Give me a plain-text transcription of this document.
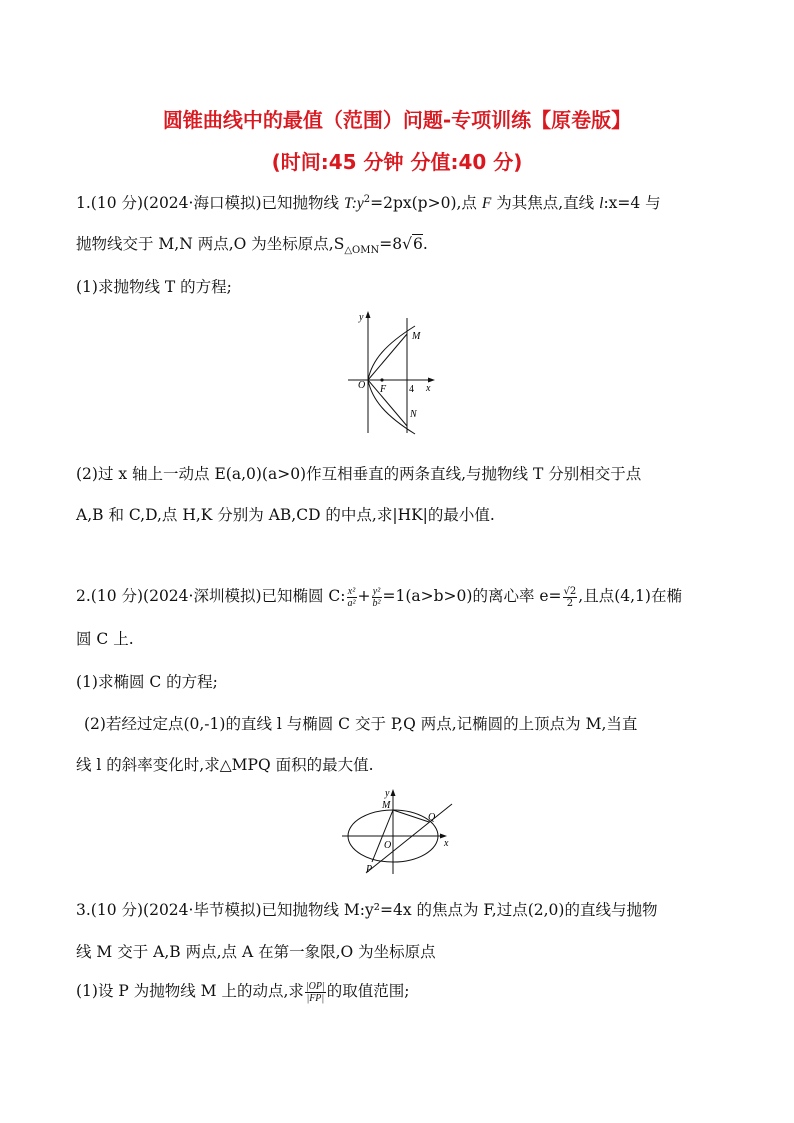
圆锥曲线中的最值（范围）问题-专项训练【原卷版】
(时间:45 分钟 分值:40 分)
1.(10 分)(2024·海口模拟)已知抛物线 $T:y^2=2px(p>0)$,点 F 为其焦点,直线 l:x=4 与
抛物线交于 M,N 两点,O 为坐标原点$,S_{\triangle OMN}=8√6$.
(1)求抛物线 T 的方程;
y
x
O F 4
M
N
(2)过 x 轴上一动点 E(a,0)(a>0)作互相垂直的两条直线,与抛物线 T 分别相交于点
A,B 和 C,D,点 H,K 分别为 AB,CD 的中点,求|HK|的最小值.
2.(10 分)(2024·深圳模拟)已知椭圆 C: $\frac{\text{x²}}{\text{a²}} + \frac{\text{y²}}{\text{b²}} =1(a>b>0)$的离心率 $e= \frac{√2}{2}$ ,且点(4,1)在椭
圆 C 上.
(1)求椭圆 C 的方程;
(2)若经过定点(0,-1)的直线 l 与椭圆 C 交于 P,Q 两点,记椭圆的上顶点为 M,当直
线 l 的斜率变化时,求△MPQ 面积的最大值.
y
x
O
M
Q
P
3.(10 分)(2024·毕节模拟)已知抛物线 M:y²=4x 的焦点为 F,过点(2,0)的直线与抛物
线 M 交于 A,B 两点,点 A 在第一象限,O 为坐标原点
(1)设 P 为抛物线 M 上的动点,求 $\frac{|OP|}{|FP|}$ 的取值范围;
